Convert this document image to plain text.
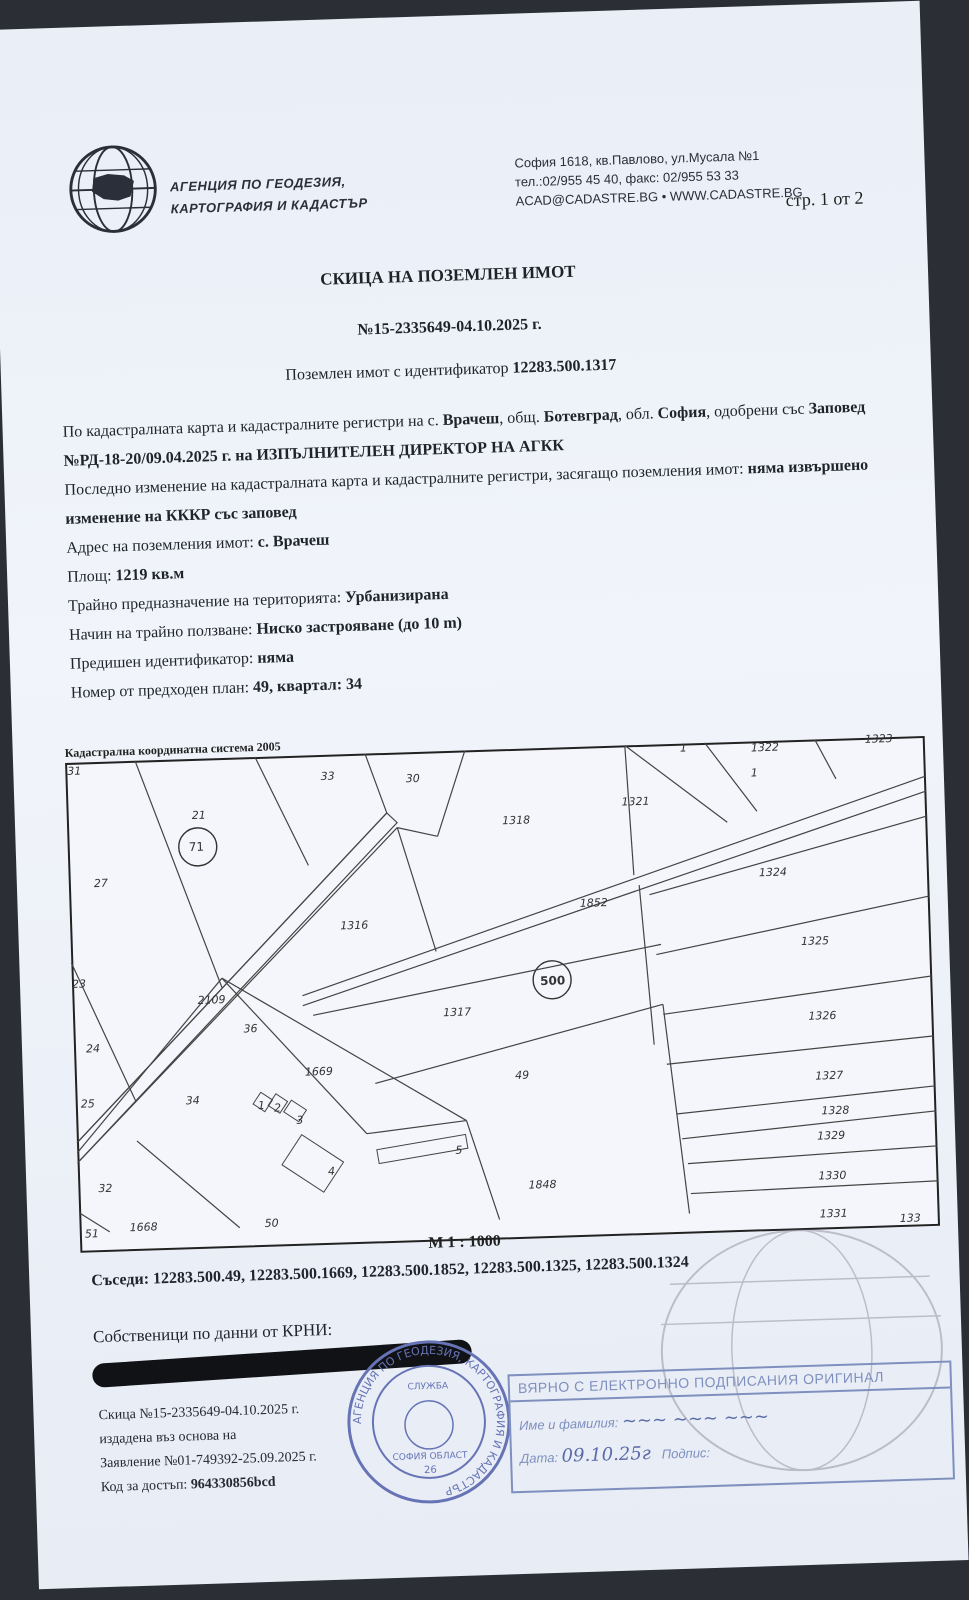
АГЕНЦИЯ ПО ГЕОДЕЗИЯ,
КАРТОГРАФИЯ И КАДАСТЪР
София 1618, кв.Павлово, ул.Мусала №1
тел.:02/955 45 40, факс: 02/955 53 33
ACAD@CADASTRE.BG • WWW.CADASTRE.BG
стр. 1 от 2
СКИЦА НА ПОЗЕМЛЕН ИМОТ
№15-2335649-04.10.2025 г.
Поземлен имот с идентификатор 12283.500.1317
По кадастралната карта и кадастралните регистри на с. Врачеш, общ. Ботевград, обл. София, одобрени със Заповед №РД-18-20/09.04.2025 г. на ИЗПЪЛНИТЕЛЕН ДИРЕКТОР НА АГКК
Последно изменение на кадастралната карта и кадастралните регистри, засягащо поземления имот: няма извършено изменение на КККР със заповед
Адрес на поземления имот: с. Врачеш
Площ: 1219 кв.м
Трайно предназначение на територията: Урбанизирана
Начин на трайно ползване: Ниско застрояване (до 10 m)
Предишен идентификатор: няма
Номер от предходен план: 49, квартал: 34
Кадастрална координатна система 2005
31	33	30
21
71
27
1316
1318
1321
1322
1323
1
1
1324
1852
1325
500
1317	1326
23
2109
36
24
1669	49	1327
25	34	1 2
3
1328
5
1329
4
32	1848
1330
51	1668	50
1331	133
М 1 : 1000
Съседи: 12283.500.49, 12283.500.1669, 12283.500.1852, 12283.500.1325, 12283.500.1324
Собственици по данни от КРНИ:
Скица №15-2335649-04.10.2025 г.
издадена въз основа на
Заявление №01-749392-25.09.2025 г.
Код за достъп: 964330856bcd
АГЕНЦИЯ ПО ГЕОДЕЗИЯ, КАРТОГРАФИЯ И КАДАСТЪР
СЛУЖБА
СОФИЯ ОБЛАСТ
26
ВЯРНО С ЕЛЕКТРОННО ПОДПИСАНИЯ ОРИГИНАЛ
Име и фамилия: ~~~ ~~~ ~~~
Дата: 09.10.25г Подпис:
